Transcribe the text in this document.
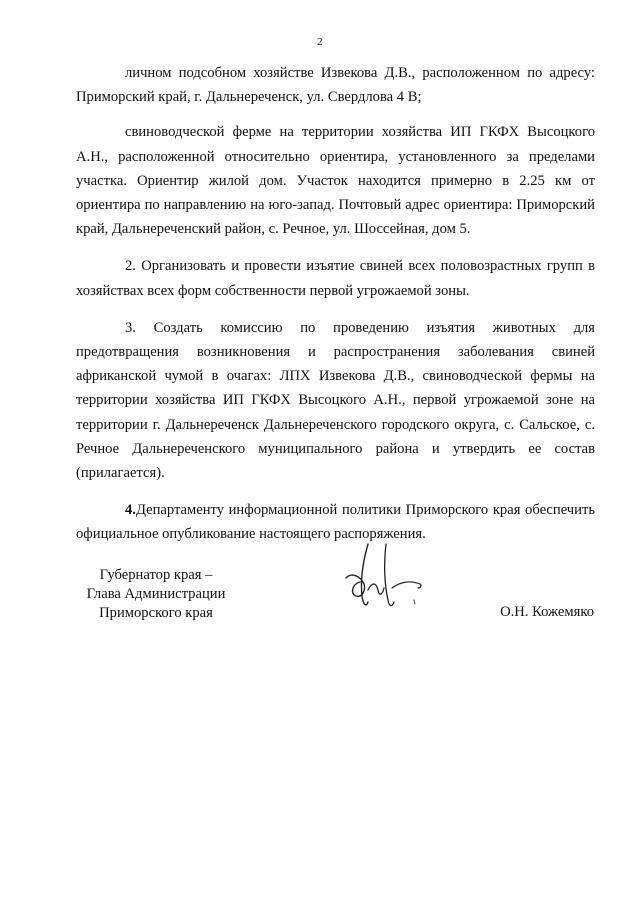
2

личном подсобном хозяйстве Извекова Д.В., расположенном по адресу: Приморский край, г. Дальнереченск, ул. Свердлова 4 В;

свиноводческой ферме на территории хозяйства ИП ГКФХ Высоцкого А.Н., расположенной относительно ориентира, установленного за пределами участка. Ориентир жилой дом. Участок находится примерно в 2.25 км от ориентира по направлению на юго-запад. Почтовый адрес ориентира: Приморский край, Дальнереченский район, с. Речное, ул. Шоссейная, дом 5.

2. Организовать и провести изъятие свиней всех половозрастных групп в хозяйствах всех форм собственности первой угрожаемой зоны.

3. Создать комиссию по проведению изъятия животных для предотвращения возникновения и распространения заболевания свиней африканской чумой в очагах: ЛПХ Извекова Д.В., свиноводческой фермы на территории хозяйства ИП ГКФХ Высоцкого А.Н., первой угрожаемой зоне на территории г. Дальнереченск Дальнереченского городского округа, с. Сальское, с. Речное Дальнереченского муниципального района и утвердить ее состав (прилагается).

4.Департаменту информационной политики Приморского края обеспечить официальное опубликование настоящего распоряжения.

Губернатор края –
Глава Администрации
Приморского края	О.Н. Кожемяко
